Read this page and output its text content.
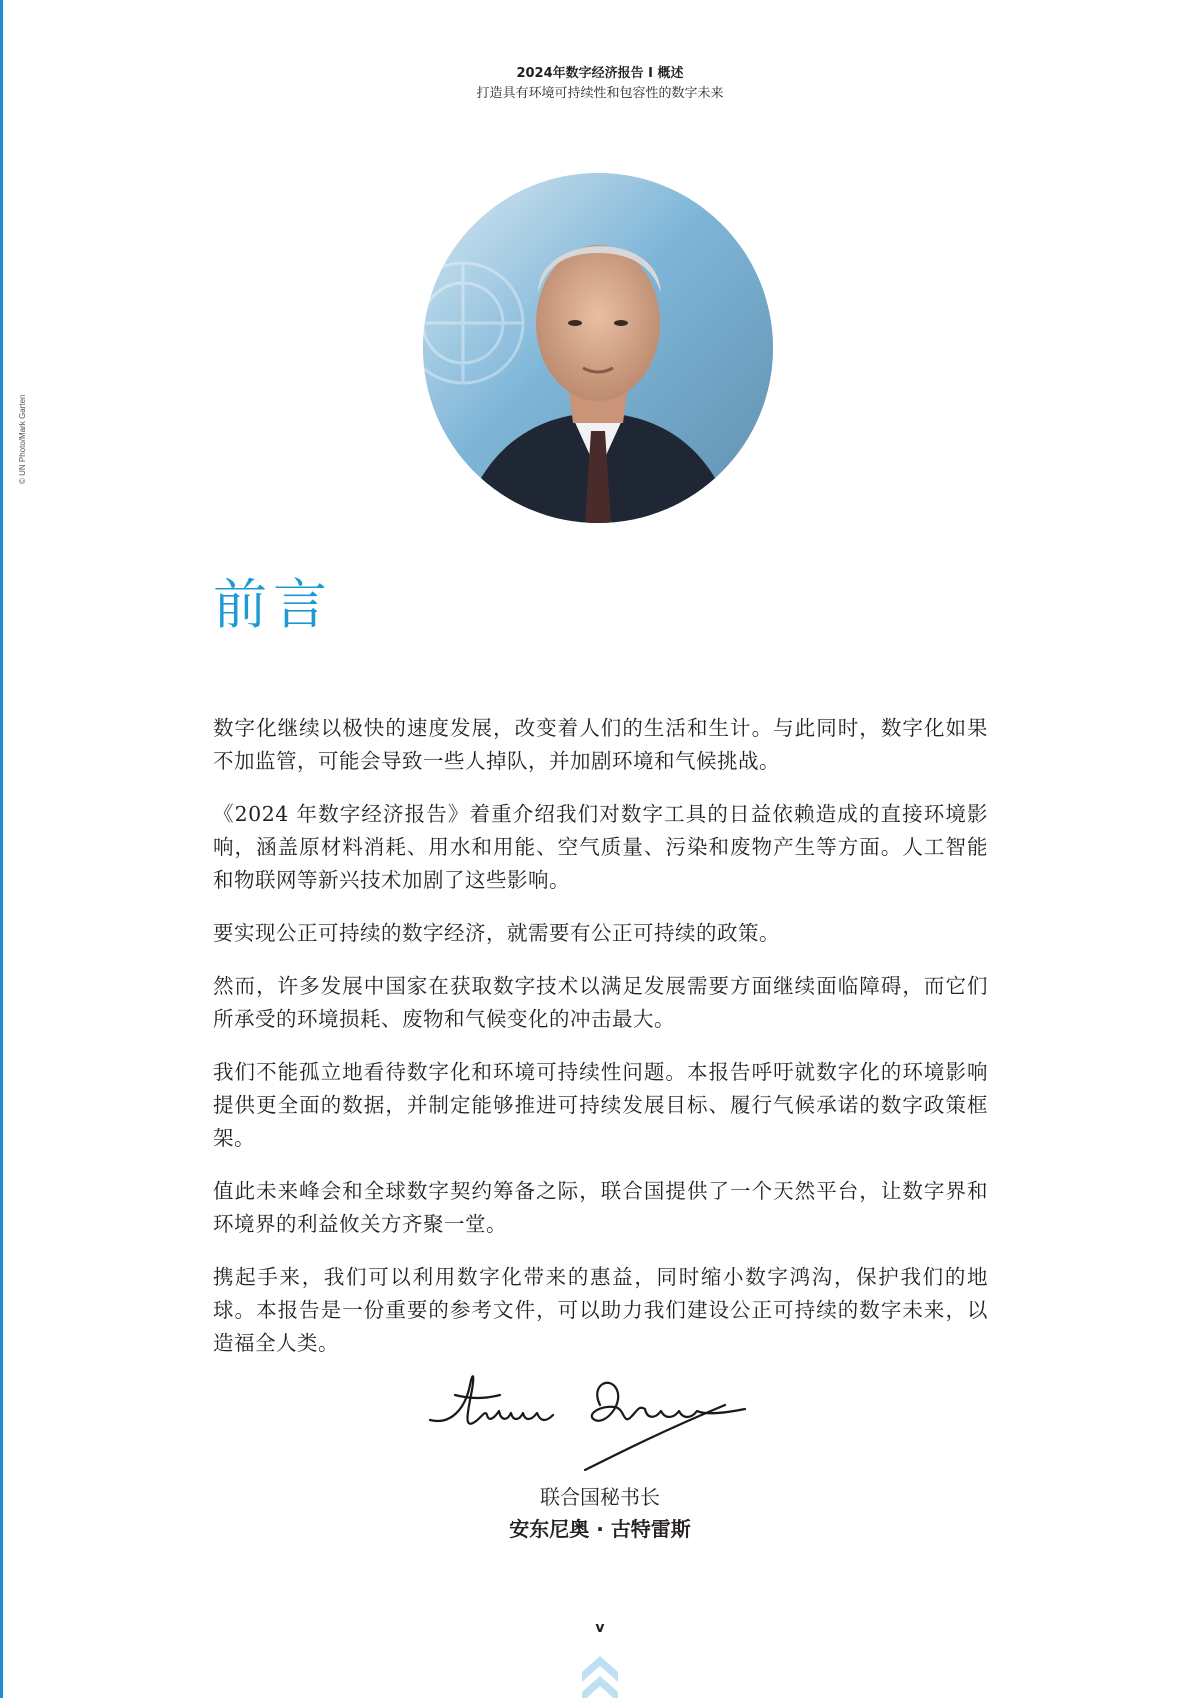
© UN Photo/Mark Garten
2024年数字经济报告 I 概述
打造具有环境可持续性和包容性的数字未来
前言

数字化继续以极快的速度发展，改变着人们的生活和生计。与此同时，数字化如果不加监管，可能会导致一些人掉队，并加剧环境和气候挑战。

《2024 年数字经济报告》着重介绍我们对数字工具的日益依赖造成的直接环境影响，涵盖原材料消耗、用水和用能、空气质量、污染和废物产生等方面。人工智能和物联网等新兴技术加剧了这些影响。

要实现公正可持续的数字经济，就需要有公正可持续的政策。

然而，许多发展中国家在获取数字技术以满足发展需要方面继续面临障碍，而它们所承受的环境损耗、废物和气候变化的冲击最大。

我们不能孤立地看待数字化和环境可持续性问题。本报告呼吁就数字化的环境影响提供更全面的数据，并制定能够推进可持续发展目标、履行气候承诺的数字政策框架。

值此未来峰会和全球数字契约筹备之际，联合国提供了一个天然平台，让数字界和环境界的利益攸关方齐聚一堂。

携起手来，我们可以利用数字化带来的惠益，同时缩小数字鸿沟，保护我们的地球。本报告是一份重要的参考文件，可以助力我们建设公正可持续的数字未来，以造福全人类。

联合国秘书长
安东尼奥 · 古特雷斯
v
